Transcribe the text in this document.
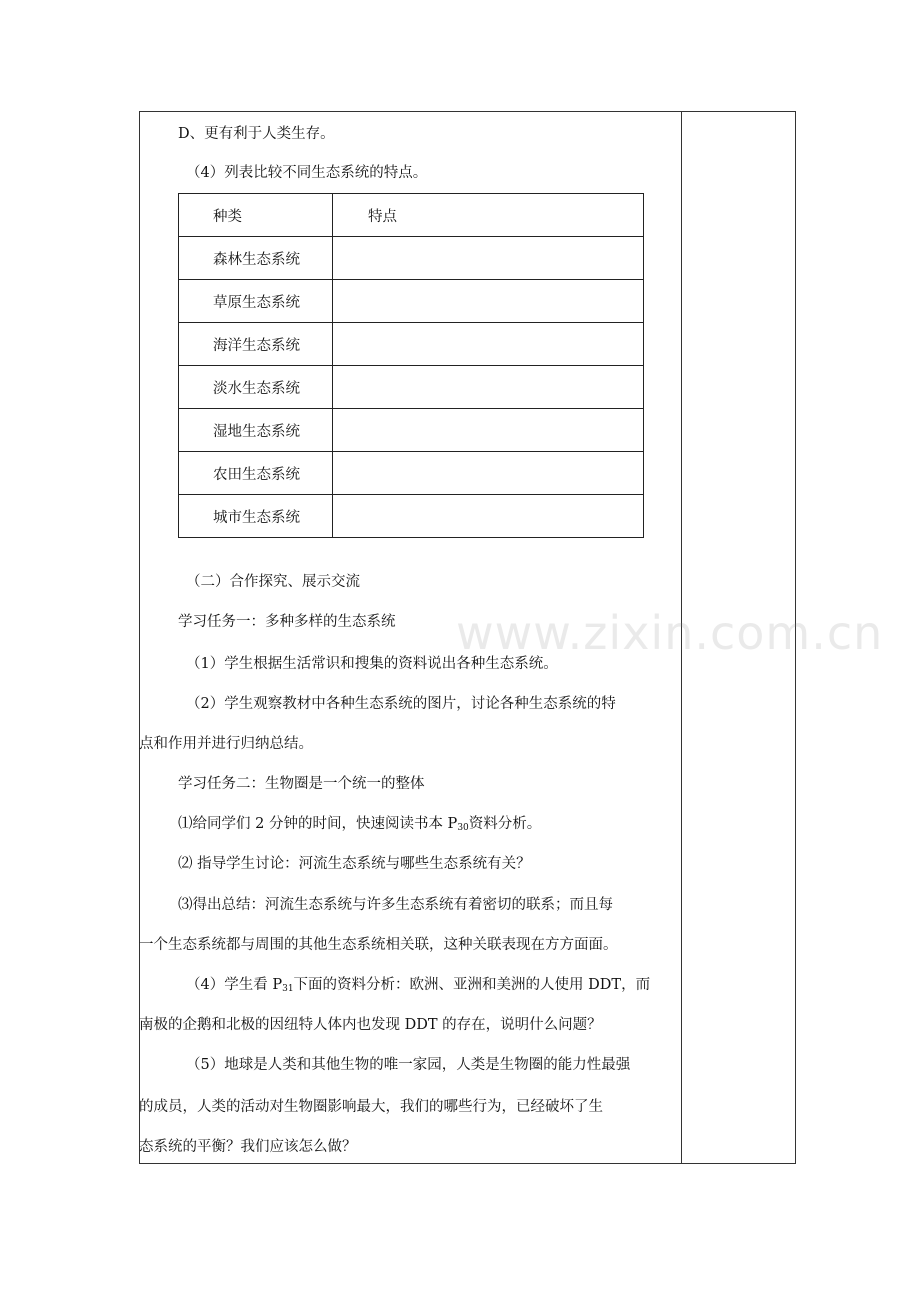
D、更有利于人类生存。
（4）列表比较不同生态系统的特点。
种类	特点
森林生态系统	
草原生态系统	
海洋生态系统	
淡水生态系统	
湿地生态系统	
农田生态系统	
城市生态系统	
（二）合作探究、展示交流
学习任务一：多种多样的生态系统
（1）学生根据生活常识和搜集的资料说出各种生态系统。
（2）学生观察教材中各种生态系统的图片，讨论各种生态系统的特
点和作用并进行归纳总结。
学习任务二：生物圈是一个统一的整体
⑴给同学们 2 分钟的时间，快速阅读书本 $P_{30}$资料分析。
⑵ 指导学生讨论：河流生态系统与哪些生态系统有关？
⑶得出总结：河流生态系统与许多生态系统有着密切的联系；而且每
一个生态系统都与周围的其他生态系统相关联，这种关联表现在方方面面。
（4）学生看 $P_{31}$下面的资料分析：欧洲、亚洲和美洲的人使用 DDT，而
南极的企鹅和北极的因纽特人体内也发现 DDT 的存在，说明什么问题？
（5）地球是人类和其他生物的唯一家园，人类是生物圈的能力性最强
的成员，人类的活动对生物圈影响最大，我们的哪些行为，已经破坏了生
态系统的平衡？我们应该怎么做？
www.zixin.com.cn
